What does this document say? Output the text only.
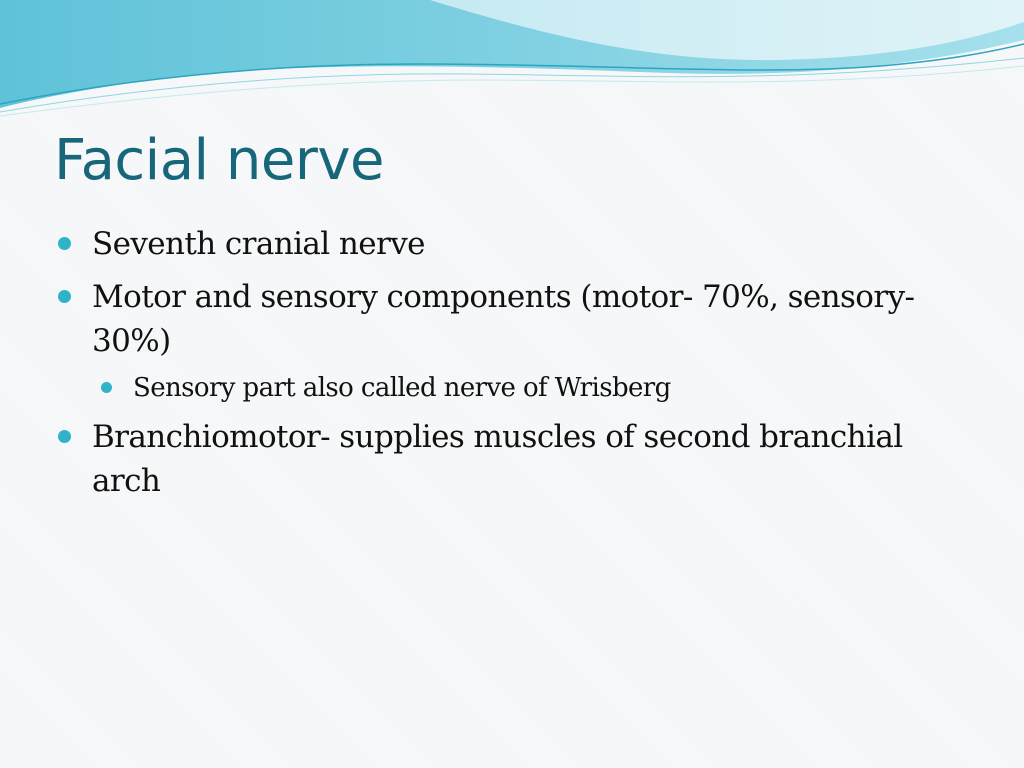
Facial nerve
Seventh cranial nerve
Motor and sensory components (motor- 70%, sensory-30%)
Sensory part also called nerve of Wrisberg
Branchiomotor- supplies muscles of second branchial arch
